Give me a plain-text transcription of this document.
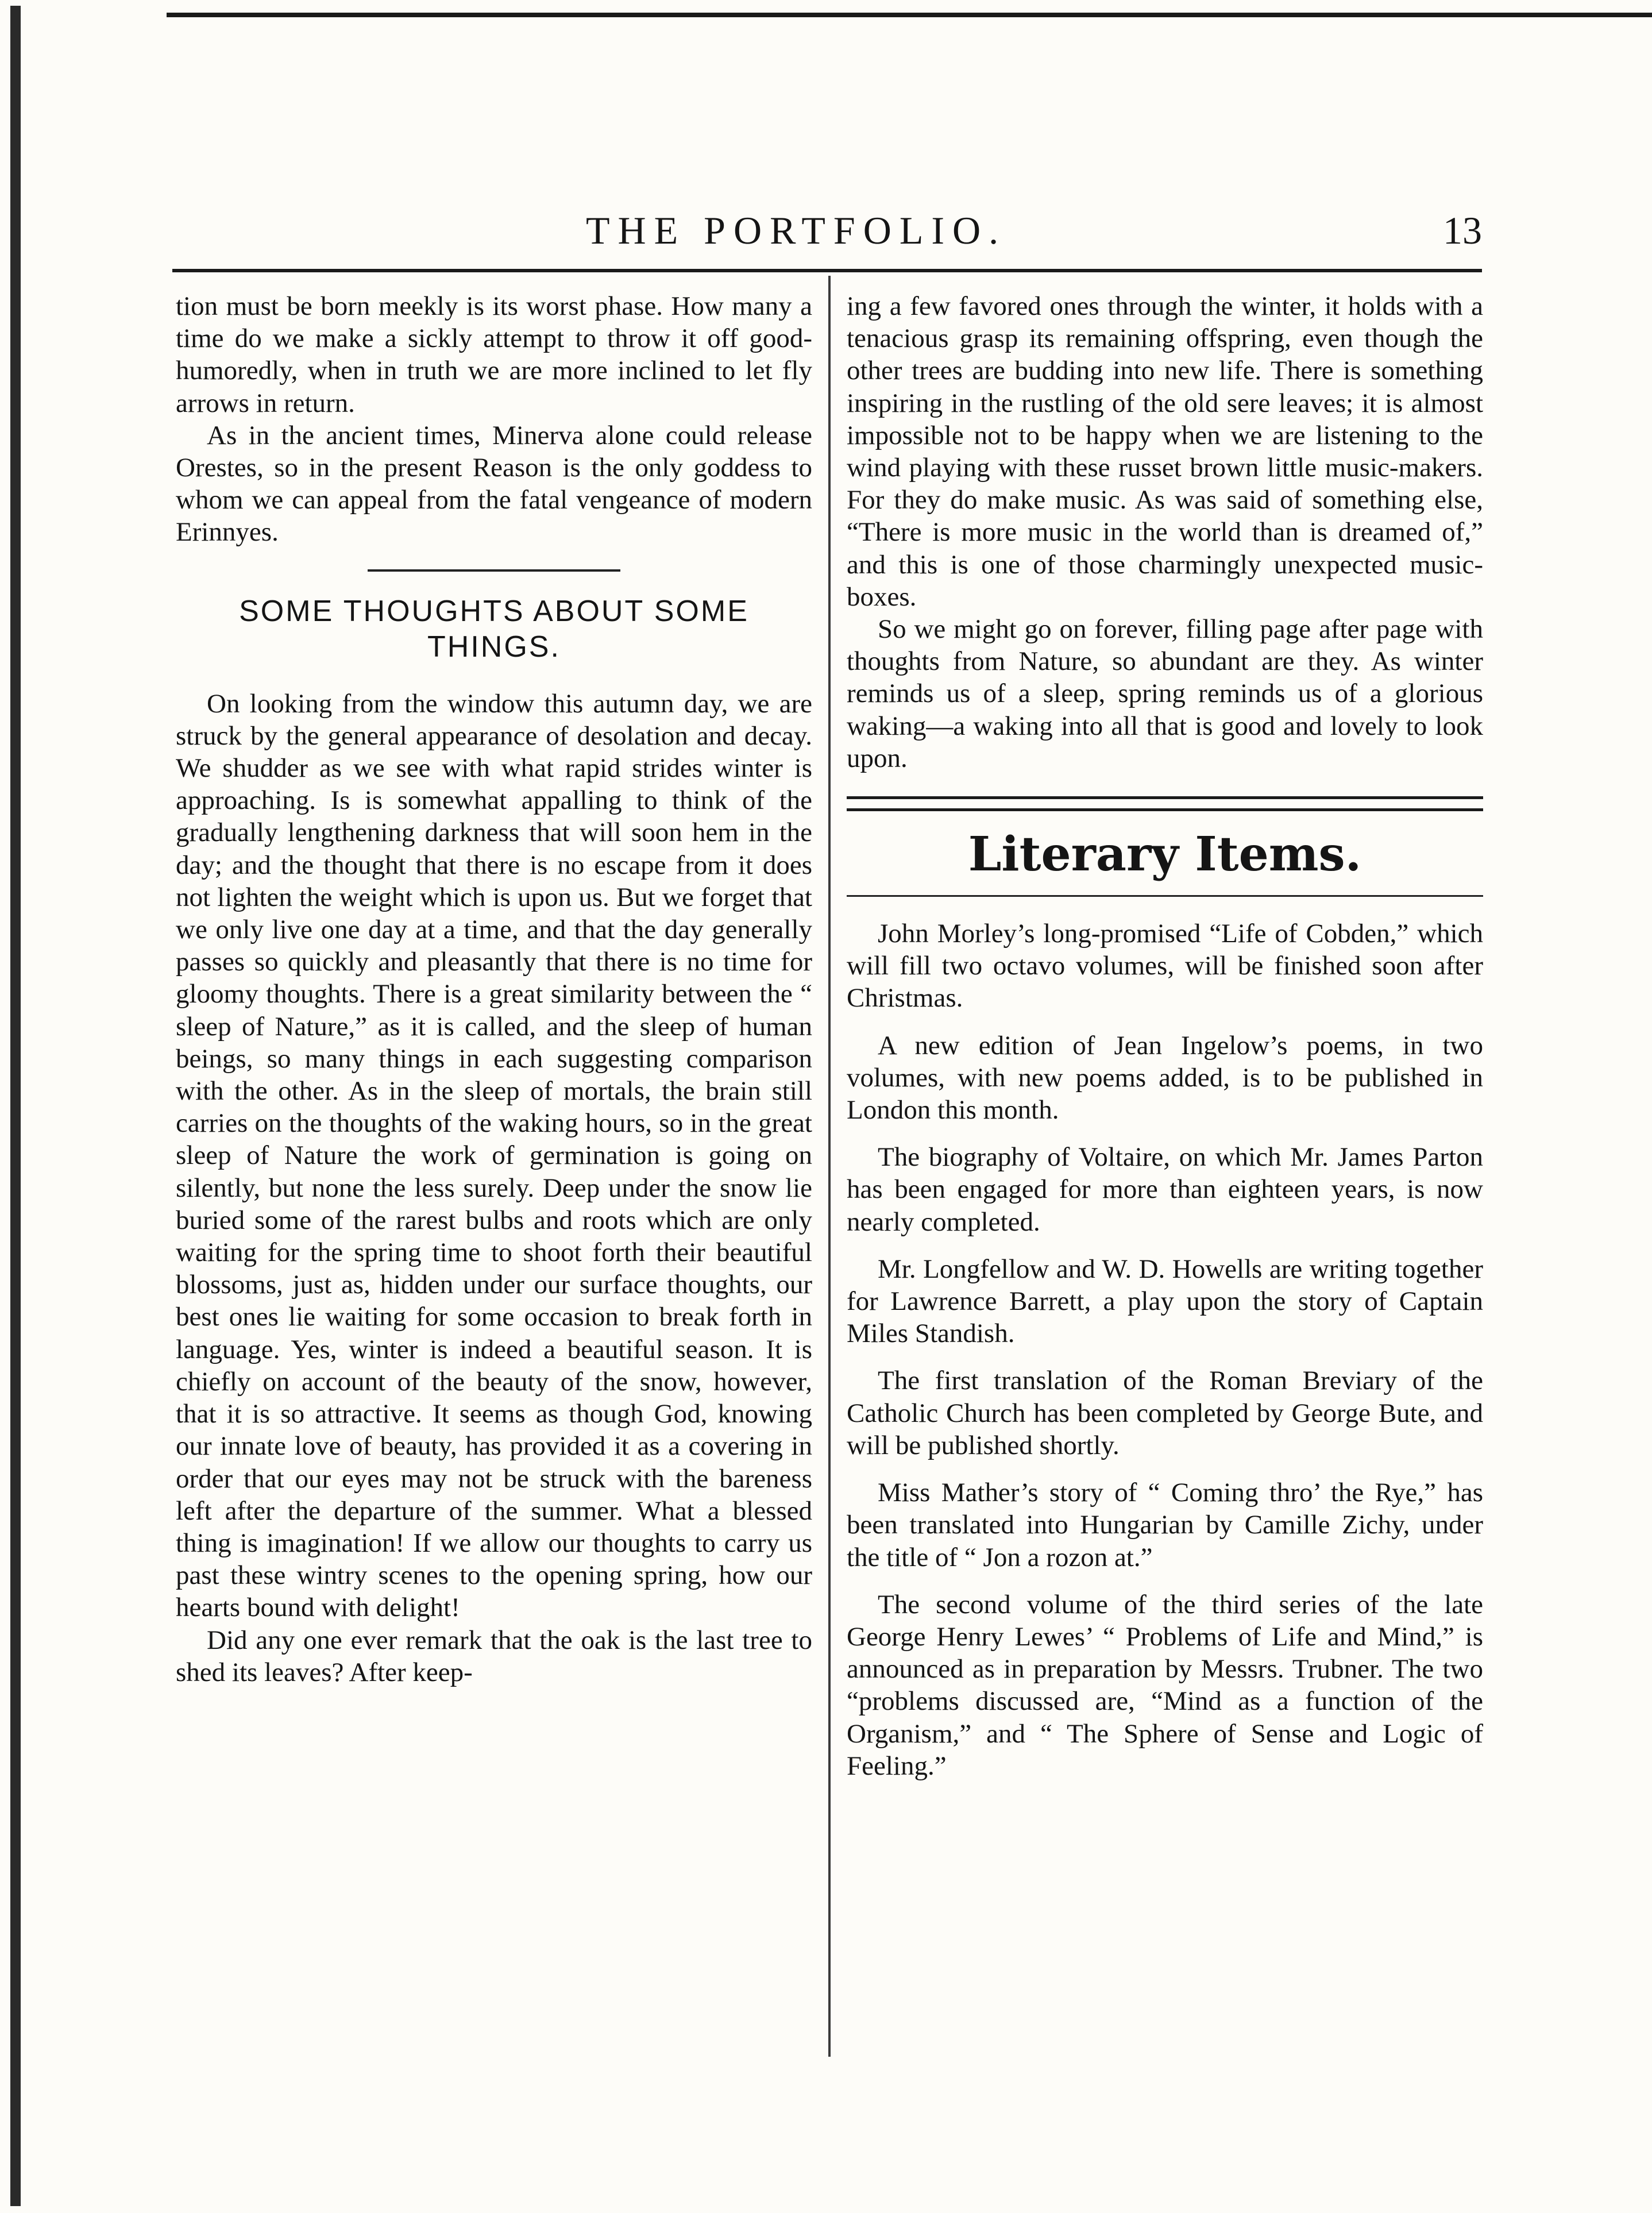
THE PORTFOLIO.	13

tion must be born meekly is its worst phase. How many a time do we make a sickly attempt to throw it off good-humoredly, when in truth we are more inclined to let fly arrows in return.

As in the ancient times, Minerva alone could release Orestes, so in the present Reason is the only goddess to whom we can appeal from the fatal vengeance of modern Erinnyes.

SOME THOUGHTS ABOUT SOME THINGS.

On looking from the window this autumn day, we are struck by the general appearance of desolation and decay. We shudder as we see with what rapid strides winter is approaching. Is is somewhat appalling to think of the gradually lengthening darkness that will soon hem in the day; and the thought that there is no escape from it does not lighten the weight which is upon us. But we forget that we only live one day at a time, and that the day generally passes so quickly and pleasantly that there is no time for gloomy thoughts. There is a great similarity between the “ sleep of Nature,” as it is called, and the sleep of human beings, so many things in each suggesting comparison with the other. As in the sleep of mortals, the brain still carries on the thoughts of the waking hours, so in the great sleep of Nature the work of germination is going on silently, but none the less surely. Deep under the snow lie buried some of the rarest bulbs and roots which are only waiting for the spring time to shoot forth their beautiful blossoms, just as, hidden under our surface thoughts, our best ones lie waiting for some occasion to break forth in language. Yes, winter is indeed a beautiful season. It is chiefly on account of the beauty of the snow, however, that it is so attractive. It seems as though God, knowing our innate love of beauty, has provided it as a covering in order that our eyes may not be struck with the bareness left after the departure of the summer. What a blessed thing is imagination! If we allow our thoughts to carry us past these wintry scenes to the opening spring, how our hearts bound with delight!

Did any one ever remark that the oak is the last tree to shed its leaves? After keep-

ing a few favored ones through the winter, it holds with a tenacious grasp its remaining offspring, even though the other trees are budding into new life. There is something inspiring in the rustling of the old sere leaves; it is almost impossible not to be happy when we are listening to the wind playing with these russet brown little music-makers. For they do make music. As was said of something else, “There is more music in the world than is dreamed of,” and this is one of those charmingly unexpected music-boxes.

So we might go on forever, filling page after page with thoughts from Nature, so abundant are they. As winter reminds us of a sleep, spring reminds us of a glorious waking—a waking into all that is good and lovely to look upon.

Literary Items.

John Morley’s long-promised “Life of Cobden,” which will fill two octavo volumes, will be finished soon after Christmas.

A new edition of Jean Ingelow’s poems, in two volumes, with new poems added, is to be published in London this month.

The biography of Voltaire, on which Mr. James Parton has been engaged for more than eighteen years, is now nearly completed.

Mr. Longfellow and W. D. Howells are writing together for Lawrence Barrett, a play upon the story of Captain Miles Standish.

The first translation of the Roman Breviary of the Catholic Church has been completed by George Bute, and will be published shortly.

Miss Mather’s story of “ Coming thro’ the Rye,” has been translated into Hungarian by Camille Zichy, under the title of “ Jon a rozon at.”

The second volume of the third series of the late George Henry Lewes’ “ Problems of Life and Mind,” is announced as in preparation by Messrs. Trubner. The two “problems discussed are, “Mind as a function of the Organism,” and “ The Sphere of Sense and Logic of Feeling.”
